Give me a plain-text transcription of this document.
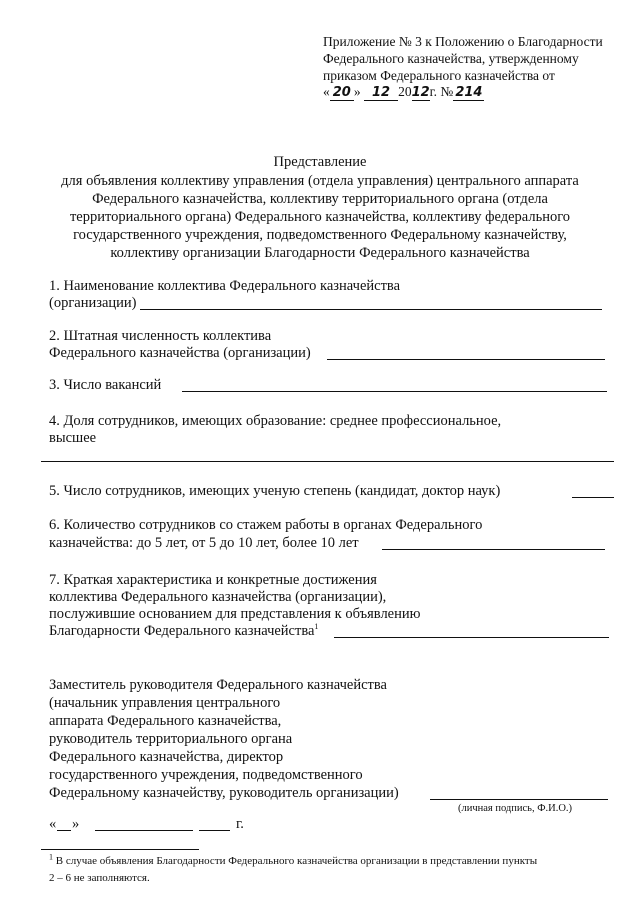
Приложение № 3 к Положению о Благодарности
Федерального казначейства, утвержденному
приказом Федерального казначейства от
« 20 » 12 2012г. № 214
Представление
для объявления коллективу управления (отдела управления) центрального аппарата
Федерального казначейства, коллективу территориального органа (отдела
территориального органа) Федерального казначейства, коллективу федерального
государственного учреждения, подведомственного Федеральному казначейству,
коллективу организации Благодарности Федерального казначейства
1. Наименование коллектива Федерального казначейства
(организации)
2. Штатная численность коллектива
Федерального казначейства (организации)
3. Число вакансий
4. Доля сотрудников, имеющих образование: среднее профессиональное,
высшее
5. Число сотрудников, имеющих ученую степень (кандидат, доктор наук)
6. Количество сотрудников со стажем работы в органах Федерального
казначейства: до 5 лет, от 5 до 10 лет, более 10 лет
7. Краткая характеристика и конкретные достижения
коллектива Федерального казначейства (организации),
послужившие основанием для представления к объявлению
Благодарности Федерального казначейства$^1$
Заместитель руководителя Федерального казначейства
(начальник управления центрального
аппарата Федерального казначейства,
руководитель территориального органа
Федерального казначейства, директор
государственного учреждения, подведомственного
Федеральному казначейству, руководитель организации)
(личная подпись, Ф.И.О.)
« »	г.
$^1$ В случае объявления Благодарности Федерального казначейства организации в представлении пункты
2 – 6 не заполняются.
